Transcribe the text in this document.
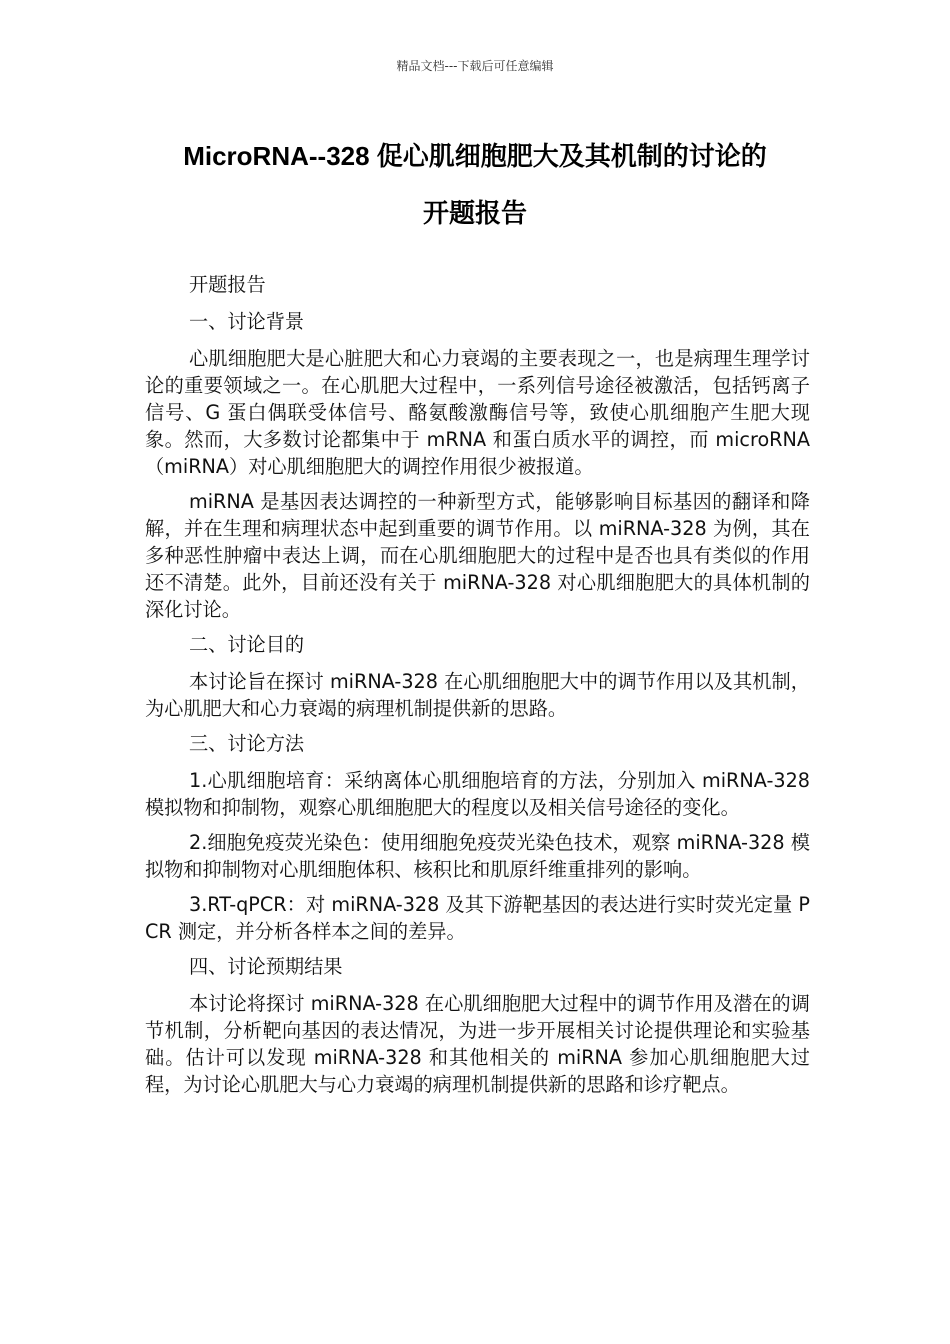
精品文档---下载后可任意编辑
MicroRNA--328 促心肌细胞肥大及其机制的讨论的
开题报告

开题报告

一、讨论背景

心肌细胞肥大是心脏肥大和心力衰竭的主要表现之一，也是病理生理学讨论的重要领域之一。在心肌肥大过程中，一系列信号途径被激活，包括钙离子信号、G 蛋白偶联受体信号、酪氨酸激酶信号等，致使心肌细胞产生肥大现象。然而，大多数讨论都集中于 mRNA 和蛋白质水平的调控，而 microRNA（miRNA）对心肌细胞肥大的调控作用很少被报道。

miRNA 是基因表达调控的一种新型方式，能够影响目标基因的翻译和降解，并在生理和病理状态中起到重要的调节作用。以 miRNA-328 为例，其在多种恶性肿瘤中表达上调，而在心肌细胞肥大的过程中是否也具有类似的作用还不清楚。此外，目前还没有关于 miRNA-328 对心肌细胞肥大的具体机制的深化讨论。

二、讨论目的

本讨论旨在探讨 miRNA-328 在心肌细胞肥大中的调节作用以及其机制，为心肌肥大和心力衰竭的病理机制提供新的思路。

三、讨论方法

1.心肌细胞培育：采纳离体心肌细胞培育的方法，分别加入 miRNA-328 模拟物和抑制物，观察心肌细胞肥大的程度以及相关信号途径的变化。

2.细胞免疫荧光染色：使用细胞免疫荧光染色技术，观察 miRNA-328 模拟物和抑制物对心肌细胞体积、核积比和肌原纤维重排列的影响。

3.RT-qPCR：对 miRNA-328 及其下游靶基因的表达进行实时荧光定量 PCR 测定，并分析各样本之间的差异。

四、讨论预期结果

本讨论将探讨 miRNA-328 在心肌细胞肥大过程中的调节作用及潜在的调节机制，分析靶向基因的表达情况，为进一步开展相关讨论提供理论和实验基础。估计可以发现 miRNA-328 和其他相关的 miRNA 参加心肌细胞肥大过程，为讨论心肌肥大与心力衰竭的病理机制提供新的思路和诊疗靶点。
